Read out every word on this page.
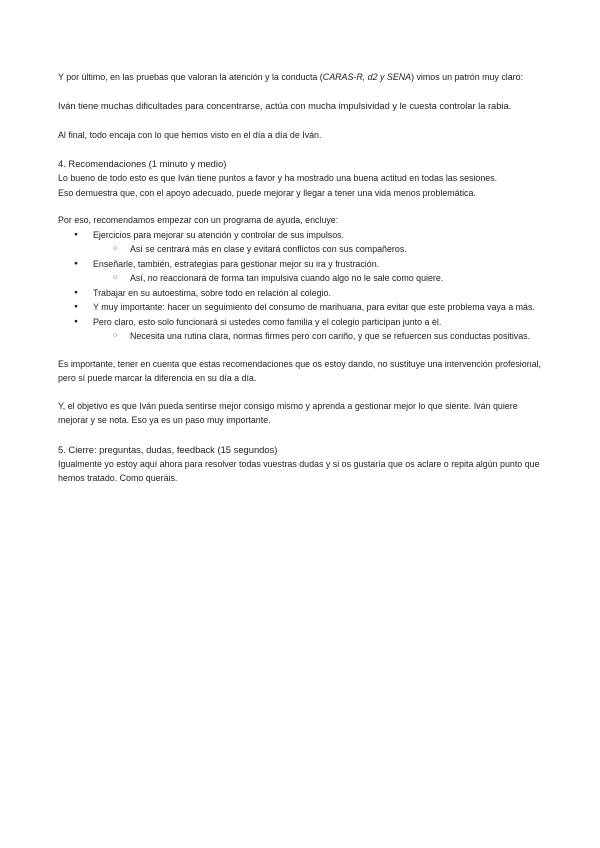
Y por último, en las pruebas que valoran la atención y la conducta (CARAS-R, d2 y SENA) vimos un patrón muy claro:

Iván tiene muchas dificultades para concentrarse, actúa con mucha impulsividad y le cuesta controlar la rabia.

Al final, todo encaja con lo que hemos visto en el día a día de Iván.

4. Recomendaciones (1 minuto y medio)

Lo bueno de todo esto es que Iván tiene puntos a favor y ha mostrado una buena actitud en todas las sesiones.

Eso demuestra que, con el apoyo adecuado, puede mejorar y llegar a tener una vida menos problemática.

Por eso, recomendamos empezar con un programa de ayuda, encluye:

● Ejercicios para mejorar su atención y controlar de sus impulsos.
○ Así se centrará más en clase y evitará conflictos con sus compañeros.
● Enseñarle, también, estrategias para gestionar mejor su ira y frustración.
○ Así, no reaccionará de forma tan impulsiva cuando algo no le sale como quiere.
● Trabajar en su autoestima, sobre todo en relación al colegio.
● Y muy importante: hacer un seguimiento del consumo de marihuana, para evitar que este problema vaya a más.
● Pero claro, esto solo funcionará si ustedes como familia y el colegio participan junto a él.
○ Necesita una rutina clara, normas firmes pero con cariño, y que se refuercen sus conductas positivas.

Es importante, tener en cuenta que estas recomendaciones que os estoy dando, no sustituye una intervención profesional, pero sí puede marcar la diferencia en su día a día.

Y, el objetivo es que Iván pueda sentirse mejor consigo mismo y aprenda a gestionar mejor lo que siente. Iván quiere mejorar y se nota. Eso ya es un paso muy importante.

5. Cierre: preguntas, dudas, feedback (15 segundos)

Igualmente yo estoy aquí ahora para resolver todas vuestras dudas y si os gustaría que os aclare o repita algún punto que hemos tratado. Como queráis.
